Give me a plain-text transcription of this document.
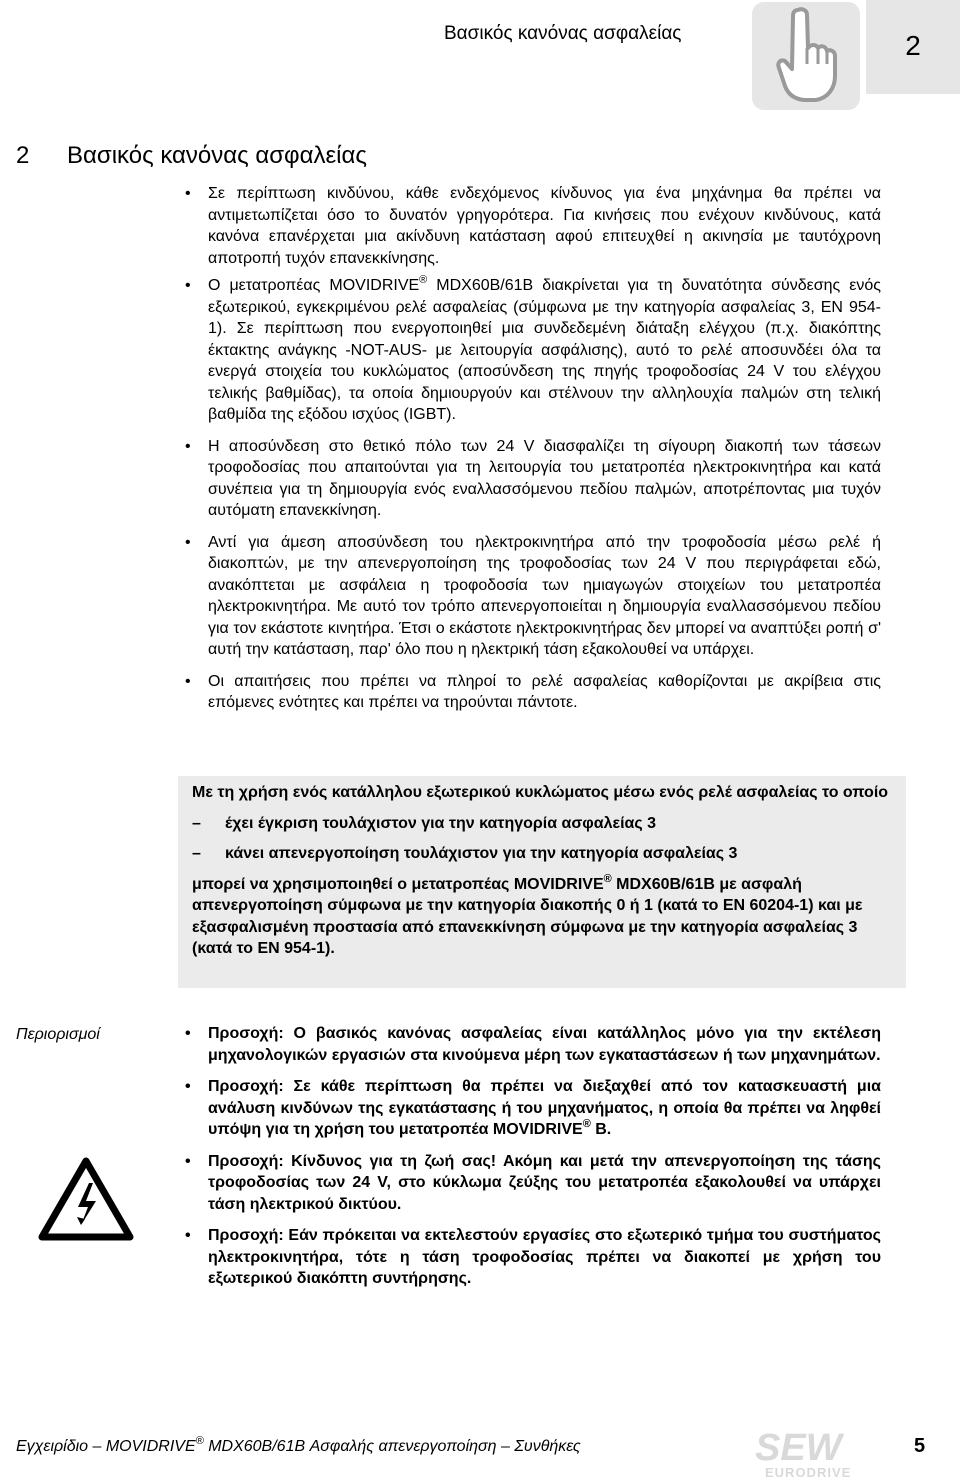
Βασικός κανόνας ασφαλείας	2
2 Βασικός κανόνας ασφαλείας
• Σε περίπτωση κινδύνου, κάθε ενδεχόμενος κίνδυνος για ένα μηχάνημα θα πρέπει να αντιμετωπίζεται όσο το δυνατόν γρηγορότερα. Για κινήσεις που ενέχουν κινδύνους, κατά κανόνα επανέρχεται μια ακίνδυνη κατάσταση αφού επιτευχθεί η ακινησία με ταυτόχρονη αποτροπή τυχόν επανεκκίνησης.
• Ο μετατροπέας MOVIDRIVE® MDX60B/61B διακρίνεται για τη δυνατότητα σύνδεσης ενός εξωτερικού, εγκεκριμένου ρελέ ασφαλείας (σύμφωνα με την κατηγορία ασφαλείας 3, EN 954-1). Σε περίπτωση που ενεργοποιηθεί μια συνδεδεμένη διάταξη ελέγχου (π.χ. διακόπτης έκτακτης ανάγκης -NOT-AUS- με λειτουργία ασφάλισης), αυτό το ρελέ αποσυνδέει όλα τα ενεργά στοιχεία του κυκλώματος (αποσύνδεση της πηγής τροφοδοσίας 24 V του ελέγχου τελικής βαθμίδας), τα οποία δημιουργούν και στέλνουν την αλληλουχία παλμών στη τελική βαθμίδα της εξόδου ισχύος (IGBT).
• Η αποσύνδεση στο θετικό πόλο των 24 V διασφαλίζει τη σίγουρη διακοπή των τάσεων τροφοδοσίας που απαιτούνται για τη λειτουργία του μετατροπέα ηλεκτροκινητήρα και κατά συνέπεια για τη δημιουργία ενός εναλλασσόμενου πεδίου παλμών, αποτρέποντας μια τυχόν αυτόματη επανεκκίνηση.
• Αντί για άμεση αποσύνδεση του ηλεκτροκινητήρα από την τροφοδοσία μέσω ρελέ ή διακοπτών, με την απενεργοποίηση της τροφοδοσίας των 24 V που περιγράφεται εδώ, ανακόπτεται με ασφάλεια η τροφοδοσία των ημιαγωγών στοιχείων του μετατροπέα ηλεκτροκινητήρα. Με αυτό τον τρόπο απενεργοποιείται η δημιουργία εναλλασσόμενου πεδίου για τον εκάστοτε κινητήρα. Έτσι ο εκάστοτε ηλεκτροκινητήρας δεν μπορεί να αναπτύξει ροπή σ' αυτή την κατάσταση, παρ' όλο που η ηλεκτρική τάση εξακολουθεί να υπάρχει.
• Οι απαιτήσεις που πρέπει να πληροί το ρελέ ασφαλείας καθορίζονται με ακρίβεια στις επόμενες ενότητες και πρέπει να τηρούνται πάντοτε.

Με τη χρήση ενός κατάλληλου εξωτερικού κυκλώματος μέσω ενός ρελέ ασφαλείας το οποίο

– έχει έγκριση τουλάχιστον για την κατηγορία ασφαλείας 3
– κάνει απενεργοποίηση τουλάχιστον για την κατηγορία ασφαλείας 3

μπορεί να χρησιμοποιηθεί ο μετατροπέας MOVIDRIVE® MDX60B/61B με ασφαλή απενεργοποίηση σύμφωνα με την κατηγορία διακοπής 0 ή 1 (κατά το EN 60204-1) και με εξασφαλισμένη προστασία από επανεκκίνηση σύμφωνα με την κατηγορία ασφαλείας 3 (κατά το EN 954-1).

Περιορισμοί	• Προσοχή: Ο βασικός κανόνας ασφαλείας είναι κατάλληλος μόνο για την εκτέλεση μηχανολογικών εργασιών στα κινούμενα μέρη των εγκαταστάσεων ή των μηχανημάτων.
• Προσοχή: Σε κάθε περίπτωση θα πρέπει να διεξαχθεί από τον κατασκευαστή μια ανάλυση κινδύνων της εγκατάστασης ή του μηχανήματος, η οποία θα πρέπει να ληφθεί υπόψη για τη χρήση του μετατροπέα MOVIDRIVE® B.
• Προσοχή: Κίνδυνος για τη ζωή σας! Ακόμη και μετά την απενεργοποίηση της τάσης τροφοδοσίας των 24 V, στο κύκλωμα ζεύξης του μετατροπέα εξακολουθεί να υπάρχει τάση ηλεκτρικού δικτύου.
• Προσοχή: Εάν πρόκειται να εκτελεστούν εργασίες στο εξωτερικό τμήμα του συστήματος ηλεκτροκινητήρα, τότε η τάση τροφοδοσίας πρέπει να διακοπεί με χρήση του εξωτερικού διακόπτη συντήρησης.
Εγχειρίδιο – MOVIDRIVE® MDX60B/61B Ασφαλής απενεργοποίηση – Συνθήκες	SEW
EURODRIVE
5
